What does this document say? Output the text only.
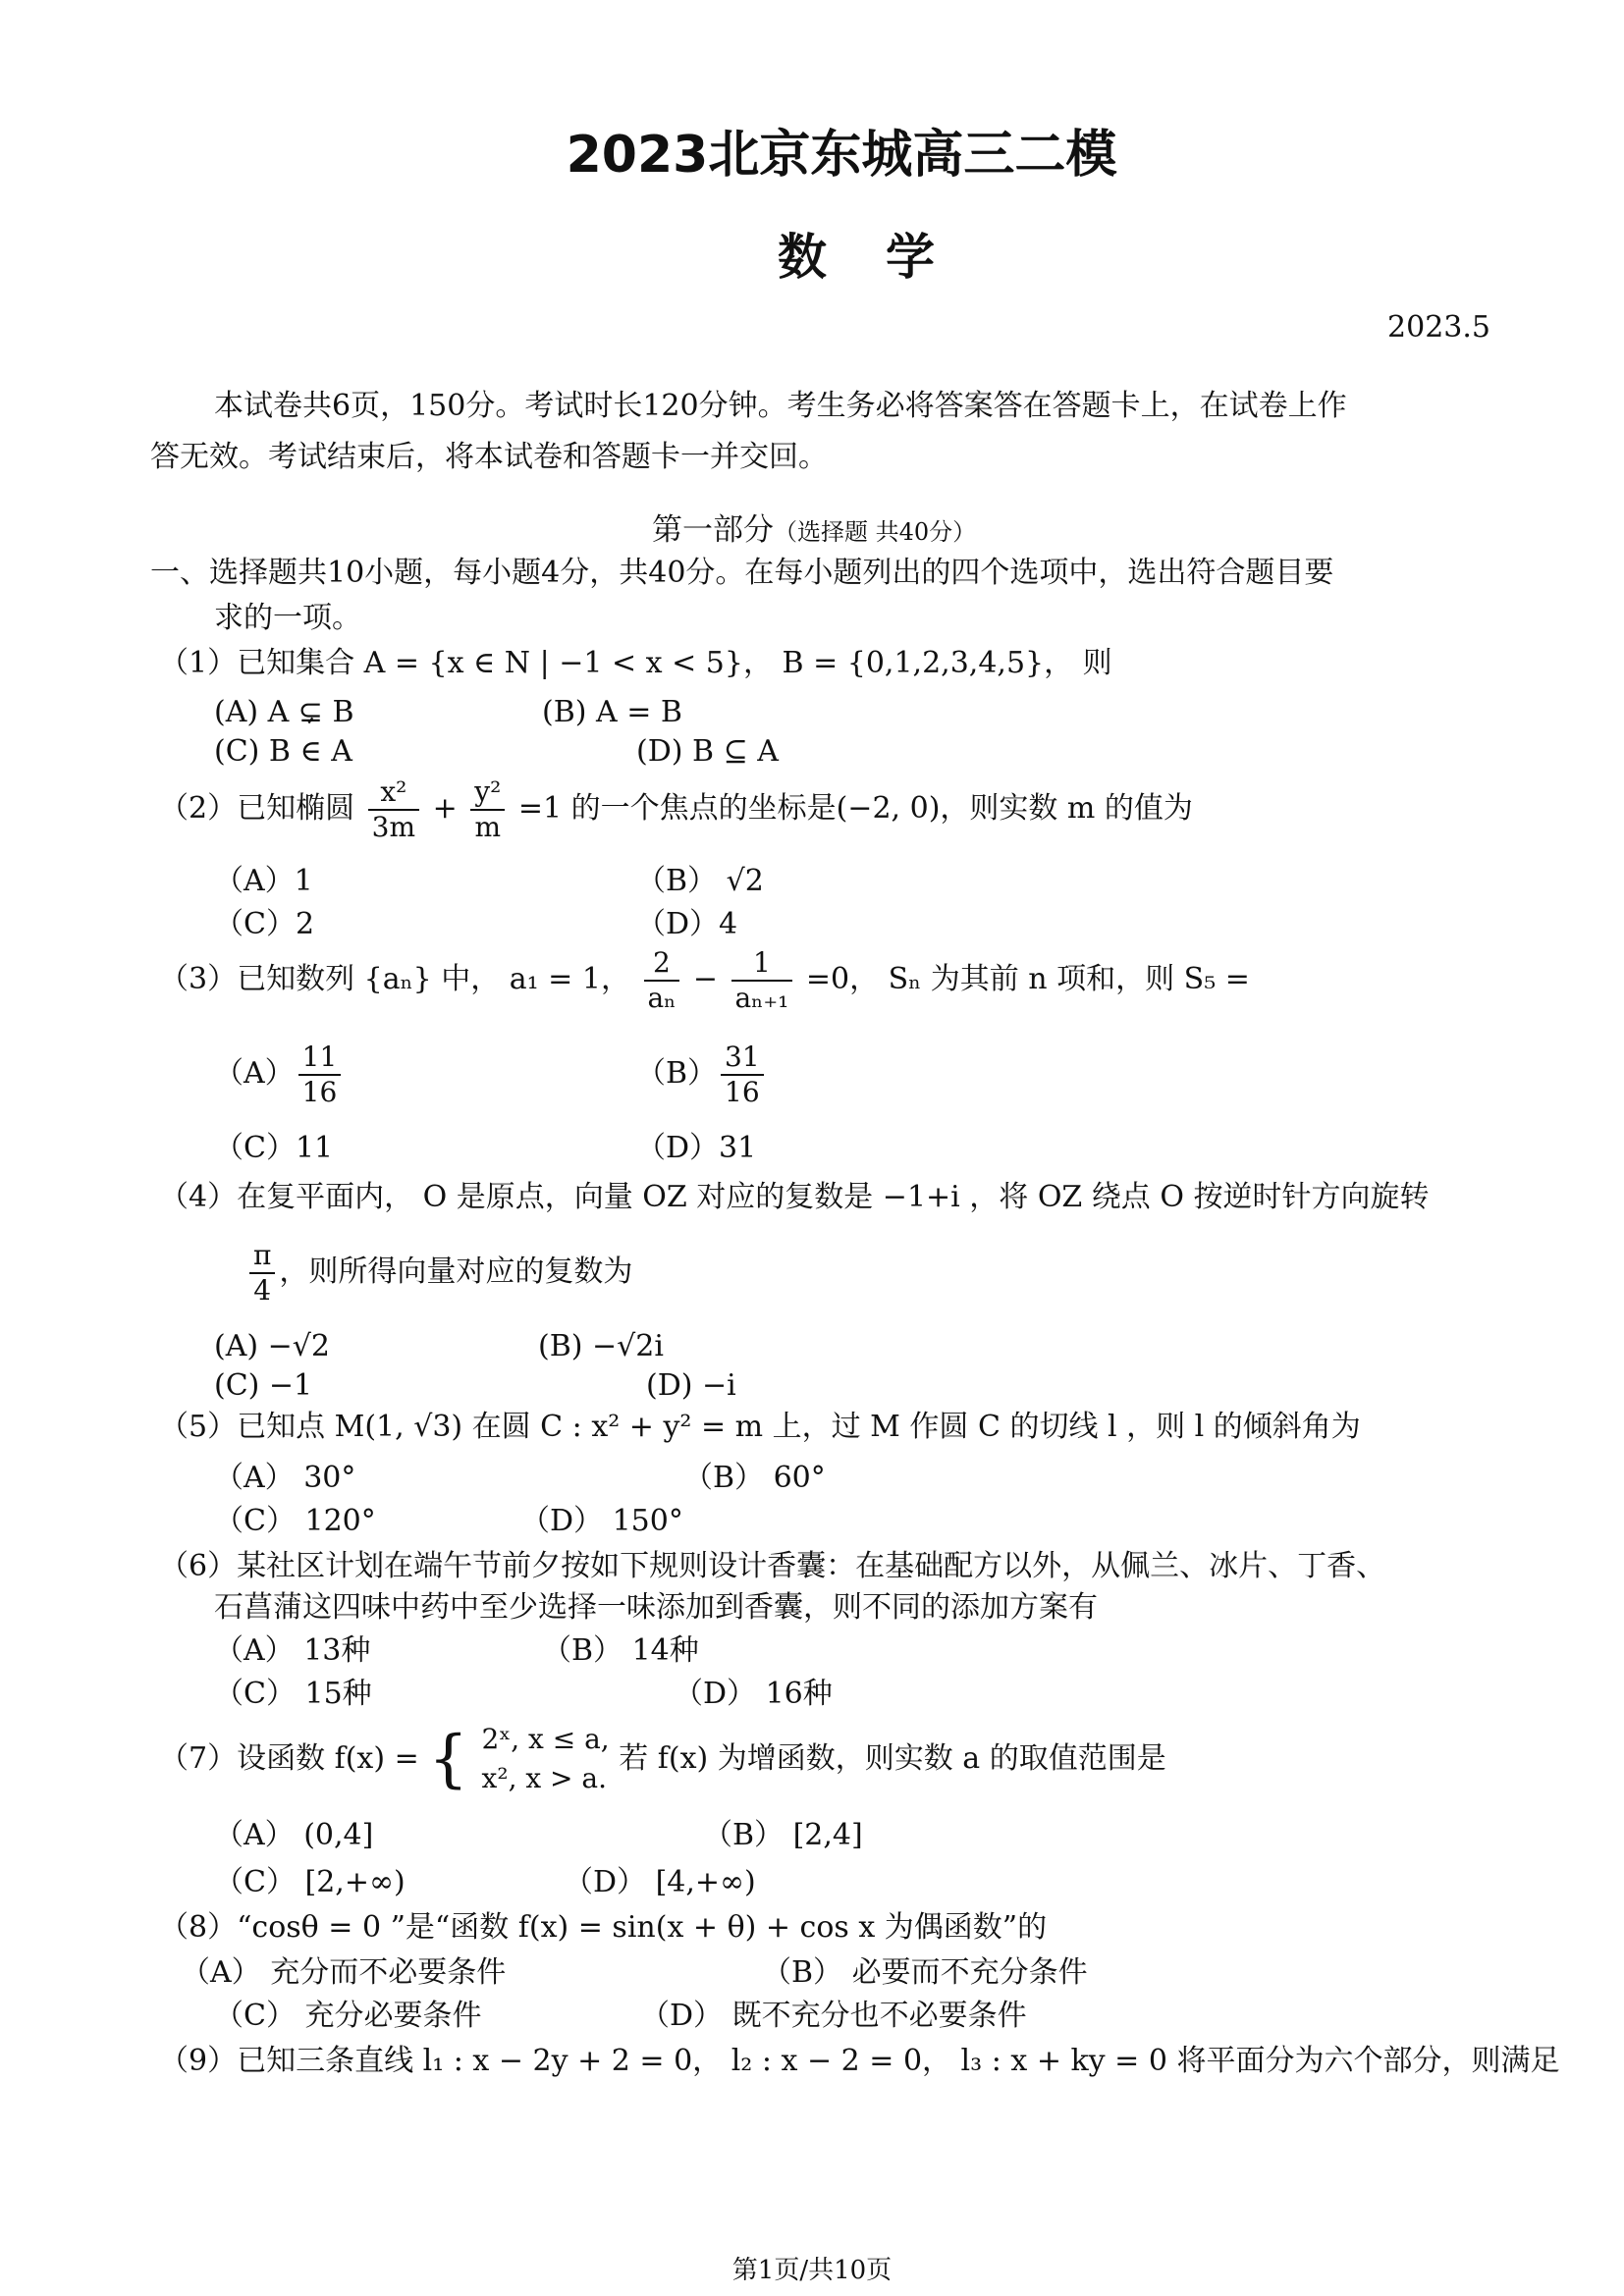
2023北京东城高三二模
数学
2023.5
本试卷共6页，150分。考试时长120分钟。考生务必将答案答在答题卡上，在试卷上作
答无效。考试结束后，将本试卷和答题卡一并交回。
第一部分（选择题 共40分）
一、选择题共10小题，每小题4分，共40分。在每小题列出的四个选项中，选出符合题目要
求的一项。
（1）已知集合 A = {x ∈ N | −1 < x < 5}， B = {0,1,2,3,4,5}， 则
(A) A ⊊ B	(B) A = B
(C) B ∈ A	(D) B ⊆ A
（2）已知椭圆 $\frac{\text{x²}}{3m} + \frac{\text{y²}}{m} =1$ 的一个焦点的坐标是(−2, 0)，则实数 m 的值为
（A）1	（B） √2
（C）2	（D）4
（3）已知数列 {aₙ} 中， a₁ = 1， $\frac{2}{\text{aₙ}} - \frac{1}{\text{aₙ₊₁}} =0$， Sₙ 为其前 n 项和，则 S₅ =
$(A) \frac{11}{16}$	$(B) \frac{31}{16}$
（C）11	（D）31
（4）在复平面内， O 是原点，向量 OZ 对应的复数是 −1+i ，将 OZ 绕点 O 按逆时针方向旋转
$\frac{\pi}{4}$ ，则所得向量对应的复数为
(A) −√2	(B) −√2i
(C) −1	(D) −i
（5）已知点 M(1, √3) 在圆 C : x² + y² = m 上，过 M 作圆 C 的切线 l ，则 l 的倾斜角为
（A） 30°	（B） 60°
（C） 120°	（D） 150°
（6）某社区计划在端午节前夕按如下规则设计香囊：在基础配方以外，从佩兰、冰片、丁香、
石菖蒲这四味中药中至少选择一味添加到香囊，则不同的添加方案有
（A） 13种	（B） 14种
（C） 15种	（D） 16种
（7）设函数 f(x) = { 2ˣ, x ≤ a,
x², x > a.
若 f(x) 为增函数，则实数 a 的取值范围是
（A） (0,4]	（B） [2,4]
（C） [2,+∞)	（D） [4,+∞)
（8）“cosθ = 0 ”是“函数 f(x) = sin(x + θ) + cos x 为偶函数”的
（A） 充分而不必要条件	（B） 必要而不充分条件
（C） 充分必要条件	（D） 既不充分也不必要条件
（9）已知三条直线 l₁ : x − 2y + 2 = 0， l₂ : x − 2 = 0， l₃ : x + ky = 0 将平面分为六个部分，则满足
第1页/共10页
